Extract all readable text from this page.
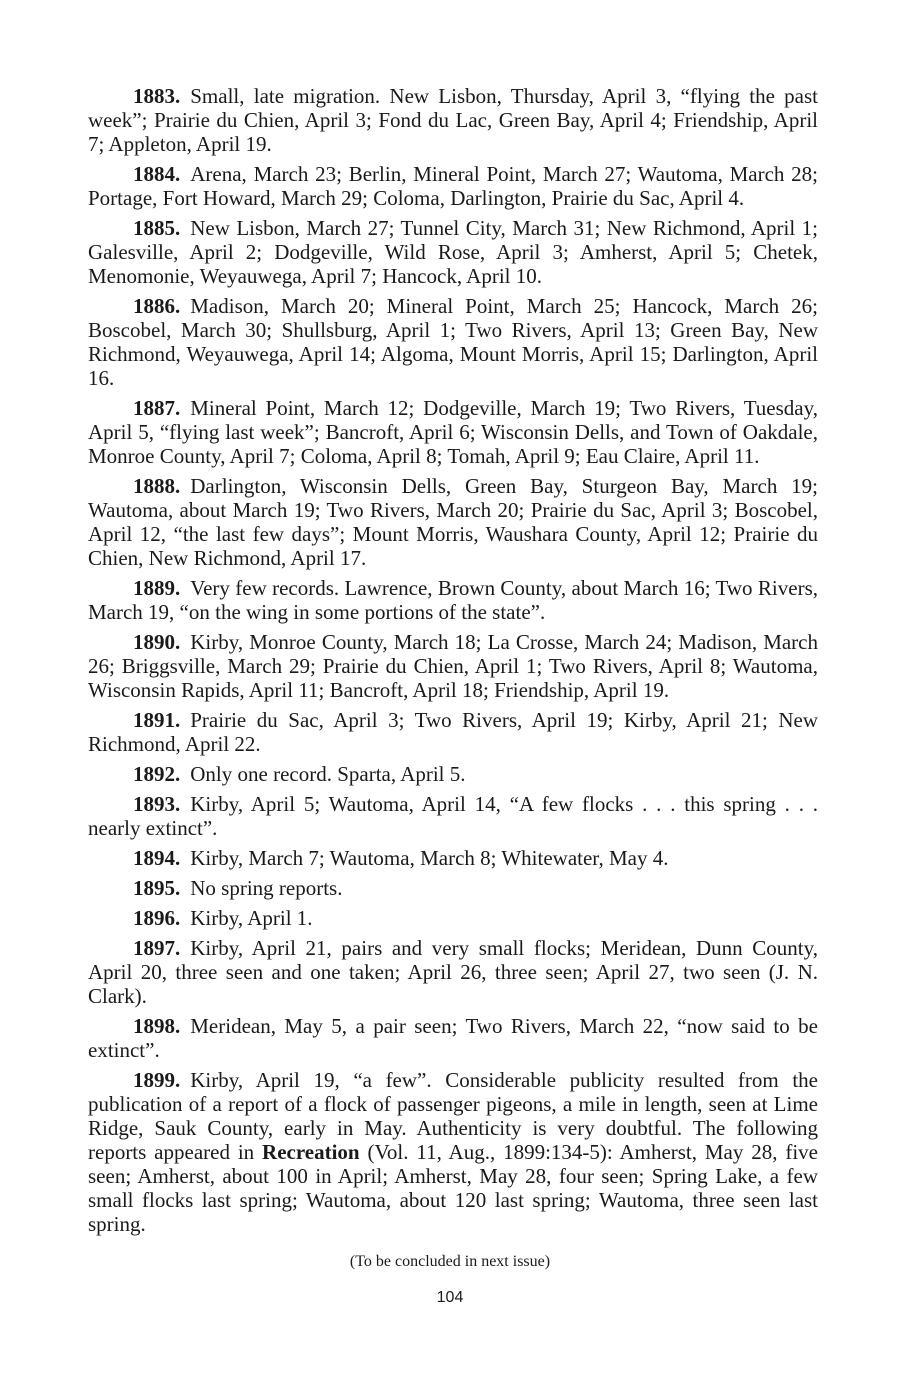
1883. Small, late migration. New Lisbon, Thursday, April 3, “flying the past week”; Prairie du Chien, April 3; Fond du Lac, Green Bay, April 4; Friendship, April 7; Appleton, April 19.

1884. Arena, March 23; Berlin, Mineral Point, March 27; Wautoma, March 28; Portage, Fort Howard, March 29; Coloma, Darlington, Prairie du Sac, April 4.

1885. New Lisbon, March 27; Tunnel City, March 31; New Richmond, April 1; Galesville, April 2; Dodgeville, Wild Rose, April 3; Amherst, April 5; Chetek, Menomonie, Weyauwega, April 7; Hancock, April 10.

1886. Madison, March 20; Mineral Point, March 25; Hancock, March 26; Boscobel, March 30; Shullsburg, April 1; Two Rivers, April 13; Green Bay, New Richmond, Weyauwega, April 14; Algoma, Mount Morris, April 15; Darlington, April 16.

1887. Mineral Point, March 12; Dodgeville, March 19; Two Rivers, Tuesday, April 5, “flying last week”; Bancroft, April 6; Wisconsin Dells, and Town of Oakdale, Monroe County, April 7; Coloma, April 8; Tomah, April 9; Eau Claire, April 11.

1888. Darlington, Wisconsin Dells, Green Bay, Sturgeon Bay, March 19; Wautoma, about March 19; Two Rivers, March 20; Prairie du Sac, April 3; Boscobel, April 12, “the last few days”; Mount Morris, Waushara County, April 12; Prairie du Chien, New Richmond, April 17.

1889. Very few records. Lawrence, Brown County, about March 16; Two Rivers, March 19, “on the wing in some portions of the state”.

1890. Kirby, Monroe County, March 18; La Crosse, March 24; Madison, March 26; Briggsville, March 29; Prairie du Chien, April 1; Two Rivers, April 8; Wautoma, Wisconsin Rapids, April 11; Bancroft, April 18; Friendship, April 19.

1891. Prairie du Sac, April 3; Two Rivers, April 19; Kirby, April 21; New Richmond, April 22.

1892. Only one record. Sparta, April 5.

1893. Kirby, April 5; Wautoma, April 14, “A few flocks . . . this spring . . . nearly extinct”.

1894. Kirby, March 7; Wautoma, March 8; Whitewater, May 4.

1895. No spring reports.

1896. Kirby, April 1.

1897. Kirby, April 21, pairs and very small flocks; Meridean, Dunn County, April 20, three seen and one taken; April 26, three seen; April 27, two seen (J. N. Clark).

1898. Meridean, May 5, a pair seen; Two Rivers, March 22, “now said to be extinct”.

1899. Kirby, April 19, “a few”. Considerable publicity resulted from the publication of a report of a flock of passenger pigeons, a mile in length, seen at Lime Ridge, Sauk County, early in May. Authenticity is very doubtful. The following reports appeared in Recreation (Vol. 11, Aug., 1899:134-5): Amherst, May 28, five seen; Amherst, about 100 in April; Amherst, May 28, four seen; Spring Lake, a few small flocks last spring; Wautoma, about 120 last spring; Wautoma, three seen last spring.

(To be concluded in next issue)
104
